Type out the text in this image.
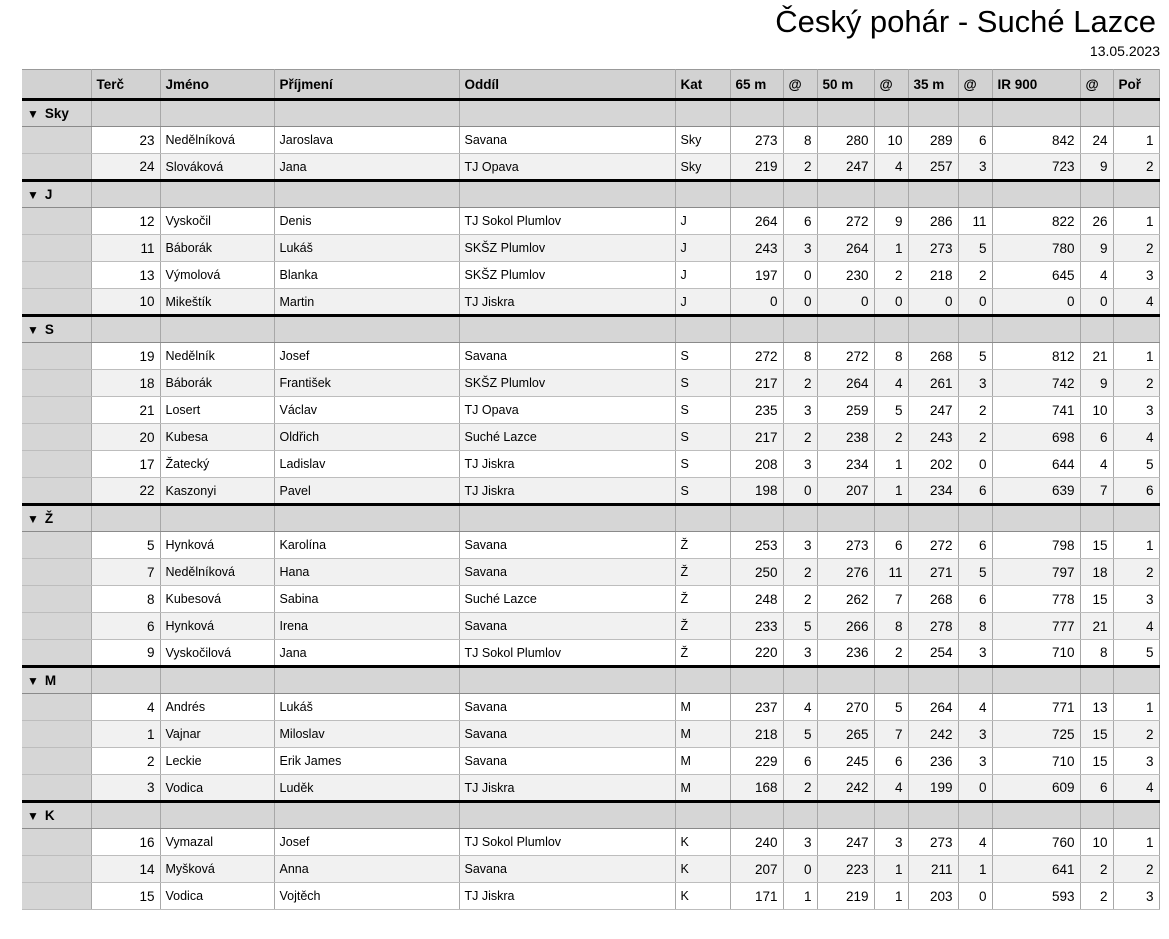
Český pohár - Suché Lazce
13.05.2023
	Terč	Jméno	Příjmení	Oddíl	Kat	65 m	@	50 m	@	35 m	@	IR 900	@	Poř
▼ Sky														
	23	Nedělníková	Jaroslava	Savana	Sky	273	8	280	10	289	6	842	24	1
	24	Slováková	Jana	TJ Opava	Sky	219	2	247	4	257	3	723	9	2
▼ J														
	12	Vyskočil	Denis	TJ Sokol Plumlov	J	264	6	272	9	286	11	822	26	1
	11	Báborák	Lukáš	SKŠZ Plumlov	J	243	3	264	1	273	5	780	9	2
	13	Výmolová	Blanka	SKŠZ Plumlov	J	197	0	230	2	218	2	645	4	3
	10	Mikeštík	Martin	TJ Jiskra	J	0	0	0	0	0	0	0	0	4
▼ S														
	19	Nedělník	Josef	Savana	S	272	8	272	8	268	5	812	21	1
	18	Báborák	František	SKŠZ Plumlov	S	217	2	264	4	261	3	742	9	2
	21	Losert	Václav	TJ Opava	S	235	3	259	5	247	2	741	10	3
	20	Kubesa	Oldřich	Suché Lazce	S	217	2	238	2	243	2	698	6	4
	17	Žatecký	Ladislav	TJ Jiskra	S	208	3	234	1	202	0	644	4	5
	22	Kaszonyi	Pavel	TJ Jiskra	S	198	0	207	1	234	6	639	7	6
▼ Ž														
	5	Hynková	Karolína	Savana	Ž	253	3	273	6	272	6	798	15	1
	7	Nedělníková	Hana	Savana	Ž	250	2	276	11	271	5	797	18	2
	8	Kubesová	Sabina	Suché Lazce	Ž	248	2	262	7	268	6	778	15	3
	6	Hynková	Irena	Savana	Ž	233	5	266	8	278	8	777	21	4
	9	Vyskočilová	Jana	TJ Sokol Plumlov	Ž	220	3	236	2	254	3	710	8	5
▼ M														
	4	Andrés	Lukáš	Savana	M	237	4	270	5	264	4	771	13	1
	1	Vajnar	Miloslav	Savana	M	218	5	265	7	242	3	725	15	2
	2	Leckie	Erik James	Savana	M	229	6	245	6	236	3	710	15	3
	3	Vodica	Luděk	TJ Jiskra	M	168	2	242	4	199	0	609	6	4
▼ K														
	16	Vymazal	Josef	TJ Sokol Plumlov	K	240	3	247	3	273	4	760	10	1
	14	Myšková	Anna	Savana	K	207	0	223	1	211	1	641	2	2
	15	Vodica	Vojtěch	TJ Jiskra	K	171	1	219	1	203	0	593	2	3
